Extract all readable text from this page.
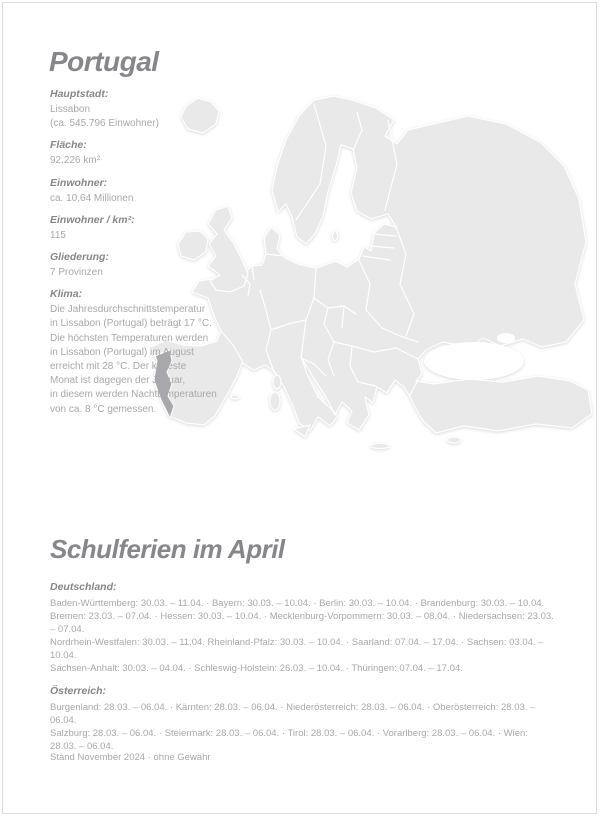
Portugal
Hauptstadt:
Lissabon
(ca. 545.796 Einwohner)
Fläche:
92.226 km²
Einwohner:
ca. 10,64 Millionen
Einwohner / km²:
115
Gliederung:
7 Provinzen
Klima:
Die Jahresdurchschnittstemperatur
in Lissabon (Portugal) beträgt 17 °C.
Die höchsten Temperaturen werden
in Lissabon (Portugal) im August
erreicht mit 28 °C. Der kälteste
Monat ist dagegen der Januar,
in diesem werden Nachttemperaturen
von ca. 8 °C gemessen.
Schulferien im April
Deutschland:
Baden-Württemberg: 30.03. – 11.04. · Bayern: 30.03. – 10.04. · Berlin: 30.03. – 10.04. · Brandenburg: 30.03. – 10.04.
Bremen: 23.03. – 07.04. · Hessen: 30.03. – 10.04. · Mecklenburg-Vorpommern: 30.03. – 08.04. · Niedersachsen: 23.03. – 07.04.
Nordrhein-Westfalen: 30.03. – 11.04. Rheinland-Pfalz: 30.03. – 10.04. · Saarland: 07.04. – 17.04. · Sachsen: 03.04. – 10.04.
Sachsen-Anhalt: 30.03. – 04.04. · Schleswig-Holstein: 26.03. – 10.04. · Thüringen: 07.04. – 17.04.
Österreich:
Burgenland: 28.03. – 06.04. · Kärnten: 28.03. – 06.04. · Niederösterreich: 28.03. – 06.04. · Oberösterreich: 28.03. – 06.04.
Salzburg: 28.03. – 06.04. · Steiermark: 28.03. – 06.04. · Tirol: 28.03. – 06.04. · Vorarlberg: 28.03. – 06.04. · Wien: 28.03. – 06.04.
Stand November 2024 · ohne Gewähr
